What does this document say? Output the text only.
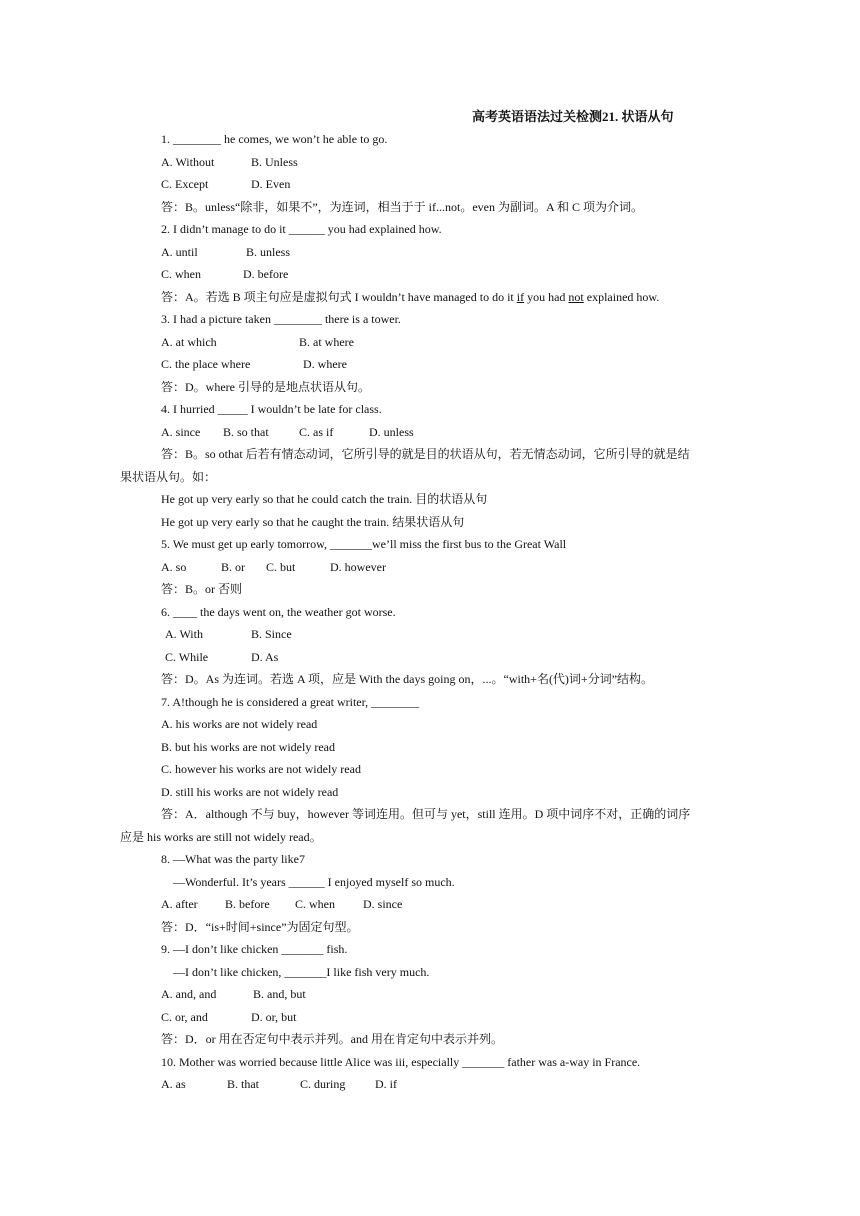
高考英语语法过关检测21. 状语从句
1. ________ he comes, we won’t he able to go.
A. Without	B. Unless
C. Except	D. Even
答：B。unless“除非，如果不”，为连词，相当于于 if...not。even 为副词。A 和 C 项为介词。
2. I didn’t manage to do it ______ you had explained how.
A. until	B. unless
C. when	D. before
答：A。若选 B 项主句应是虚拟句式 I wouldn’t have managed to do it if you had not explained how.
3. I had a picture taken ________ there is a tower.
A. at which	B. at where
C. the place where	D. where
答：D。where 引导的是地点状语从句。
4. I hurried _____ I wouldn’t be late for class.
A. since B. so that	C. as if	D. unless
答：B。so othat 后若有情态动词，它所引导的就是目的状语从句，若无情态动词，它所引导的就是结
果状语从句。如：
He got up very early so that he could catch the train. 目的状语从句
He got up very early so that he caught the train. 结果状语从句
5. We must get up early tomorrow, _______we’ll miss the first bus to the Great Wall
A. so	B. or C. but	D. however
答：B。or 否则
6. ____ the days went on, the weather got worse.
A. With	B. Since
C. While	D. As
答：D。As 为连词。若选 A 项，应是 With the days going on，...。“with+名(代)词+分词”结构。
7. A!though he is considered a great writer, ________
A. his works are not widely read
B. but his works are not widely read
C. however his works are not widely read
D. still his works are not widely read
答：A．although 不与 buy，however 等词连用。但可与 yet，still 连用。D 项中词序不对，正确的词序
应是 his works are still not widely read。
8. —What was the party like7
—Wonderful. It’s years ______ I enjoyed myself so much.
A. after B. before C. when D. since
答：D．“is+时间+since”为固定句型。
9. —I don’t like chicken _______ fish.
—I don’t like chicken, _______I like fish very much.
A. and, and	B. and, but
C. or, and	D. or, but
答：D．or 用在否定句中表示并列。and 用在肯定句中表示并列。
10. Mother was worried because little Alice was iii, especially _______ father was a-way in France.
A. as	B. that	C. during D. if
